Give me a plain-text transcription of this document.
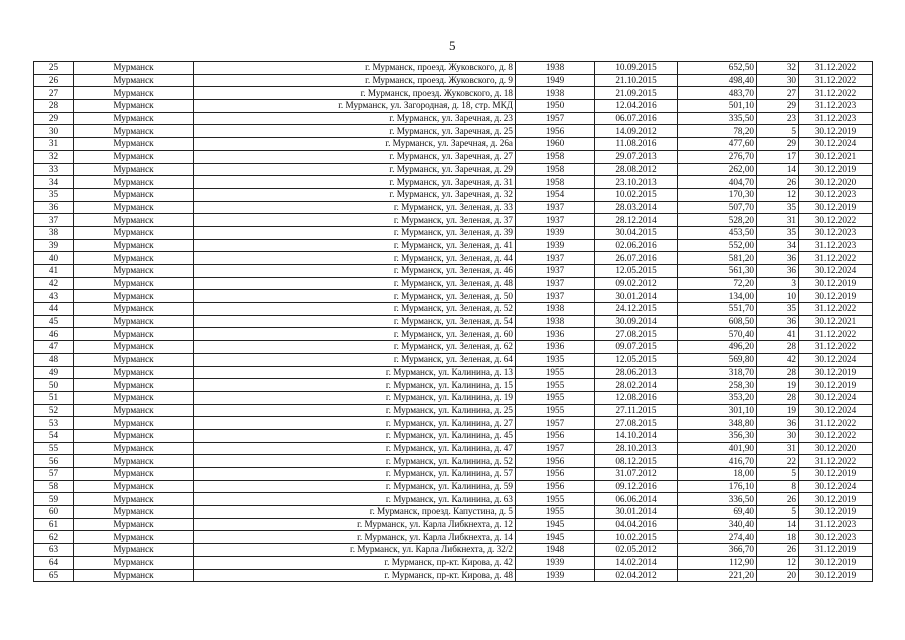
5
25	Мурманск	г. Мурманск, проезд. Жуковского, д. 8	1938	10.09.2015	652,50	32	31.12.2022
26	Мурманск	г. Мурманск, проезд. Жуковского, д. 9	1949	21.10.2015	498,40	30	31.12.2022
27	Мурманск	г. Мурманск, проезд. Жуковского, д. 18	1938	21.09.2015	483,70	27	31.12.2022
28	Мурманск	г. Мурманск, ул. Загородная, д. 18, стр. МКД	1950	12.04.2016	501,10	29	31.12.2023
29	Мурманск	г. Мурманск, ул. Заречная, д. 23	1957	06.07.2016	335,50	23	31.12.2023
30	Мурманск	г. Мурманск, ул. Заречная, д. 25	1956	14.09.2012	78,20	5	30.12.2019
31	Мурманск	г. Мурманск, ул. Заречная, д. 26а	1960	11.08.2016	477,60	29	30.12.2024
32	Мурманск	г. Мурманск, ул. Заречная, д. 27	1958	29.07.2013	276,70	17	30.12.2021
33	Мурманск	г. Мурманск, ул. Заречная, д. 29	1958	28.08.2012	262,00	14	30.12.2019
34	Мурманск	г. Мурманск, ул. Заречная, д. 31	1958	23.10.2013	404,70	26	30.12.2020
35	Мурманск	г. Мурманск, ул. Заречная, д. 32	1954	10.02.2015	170,30	12	30.12.2023
36	Мурманск	г. Мурманск, ул. Зеленая, д. 33	1937	28.03.2014	507,70	35	30.12.2019
37	Мурманск	г. Мурманск, ул. Зеленая, д. 37	1937	28.12.2014	528,20	31	30.12.2022
38	Мурманск	г. Мурманск, ул. Зеленая, д. 39	1939	30.04.2015	453,50	35	30.12.2023
39	Мурманск	г. Мурманск, ул. Зеленая, д. 41	1939	02.06.2016	552,00	34	31.12.2023
40	Мурманск	г. Мурманск, ул. Зеленая, д. 44	1937	26.07.2016	581,20	36	31.12.2022
41	Мурманск	г. Мурманск, ул. Зеленая, д. 46	1937	12.05.2015	561,30	36	30.12.2024
42	Мурманск	г. Мурманск, ул. Зеленая, д. 48	1937	09.02.2012	72,20	3	30.12.2019
43	Мурманск	г. Мурманск, ул. Зеленая, д. 50	1937	30.01.2014	134,00	10	30.12.2019
44	Мурманск	г. Мурманск, ул. Зеленая, д. 52	1938	24.12.2015	551,70	35	31.12.2022
45	Мурманск	г. Мурманск, ул. Зеленая, д. 54	1938	30.09.2014	608,50	36	30.12.2021
46	Мурманск	г. Мурманск, ул. Зеленая, д. 60	1936	27.08.2015	570,40	41	31.12.2022
47	Мурманск	г. Мурманск, ул. Зеленая, д. 62	1936	09.07.2015	496,20	28	31.12.2022
48	Мурманск	г. Мурманск, ул. Зеленая, д. 64	1935	12.05.2015	569,80	42	30.12.2024
49	Мурманск	г. Мурманск, ул. Калинина, д. 13	1955	28.06.2013	318,70	28	30.12.2019
50	Мурманск	г. Мурманск, ул. Калинина, д. 15	1955	28.02.2014	258,30	19	30.12.2019
51	Мурманск	г. Мурманск, ул. Калинина, д. 19	1955	12.08.2016	353,20	28	30.12.2024
52	Мурманск	г. Мурманск, ул. Калинина, д. 25	1955	27.11.2015	301,10	19	30.12.2024
53	Мурманск	г. Мурманск, ул. Калинина, д. 27	1957	27.08.2015	348,80	36	31.12.2022
54	Мурманск	г. Мурманск, ул. Калинина, д. 45	1956	14.10.2014	356,30	30	30.12.2022
55	Мурманск	г. Мурманск, ул. Калинина, д. 47	1957	28.10.2013	401,90	31	30.12.2020
56	Мурманск	г. Мурманск, ул. Калинина, д. 52	1956	08.12.2015	416,70	22	31.12.2022
57	Мурманск	г. Мурманск, ул. Калинина, д. 57	1956	31.07.2012	18,00	5	30.12.2019
58	Мурманск	г. Мурманск, ул. Калинина, д. 59	1956	09.12.2016	176,10	8	30.12.2024
59	Мурманск	г. Мурманск, ул. Калинина, д. 63	1955	06.06.2014	336,50	26	30.12.2019
60	Мурманск	г. Мурманск, проезд. Капустина, д. 5	1955	30.01.2014	69,40	5	30.12.2019
61	Мурманск	г. Мурманск, ул. Карла Либкнехта, д. 12	1945	04.04.2016	340,40	14	31.12.2023
62	Мурманск	г. Мурманск, ул. Карла Либкнехта, д. 14	1945	10.02.2015	274,40	18	30.12.2023
63	Мурманск	г. Мурманск, ул. Карла Либкнехта, д. 32/2	1948	02.05.2012	366,70	26	31.12.2019
64	Мурманск	г. Мурманск, пр-кт. Кирова, д. 42	1939	14.02.2014	112,90	12	30.12.2019
65	Мурманск	г. Мурманск, пр-кт. Кирова, д. 48	1939	02.04.2012	221,20	20	30.12.2019
